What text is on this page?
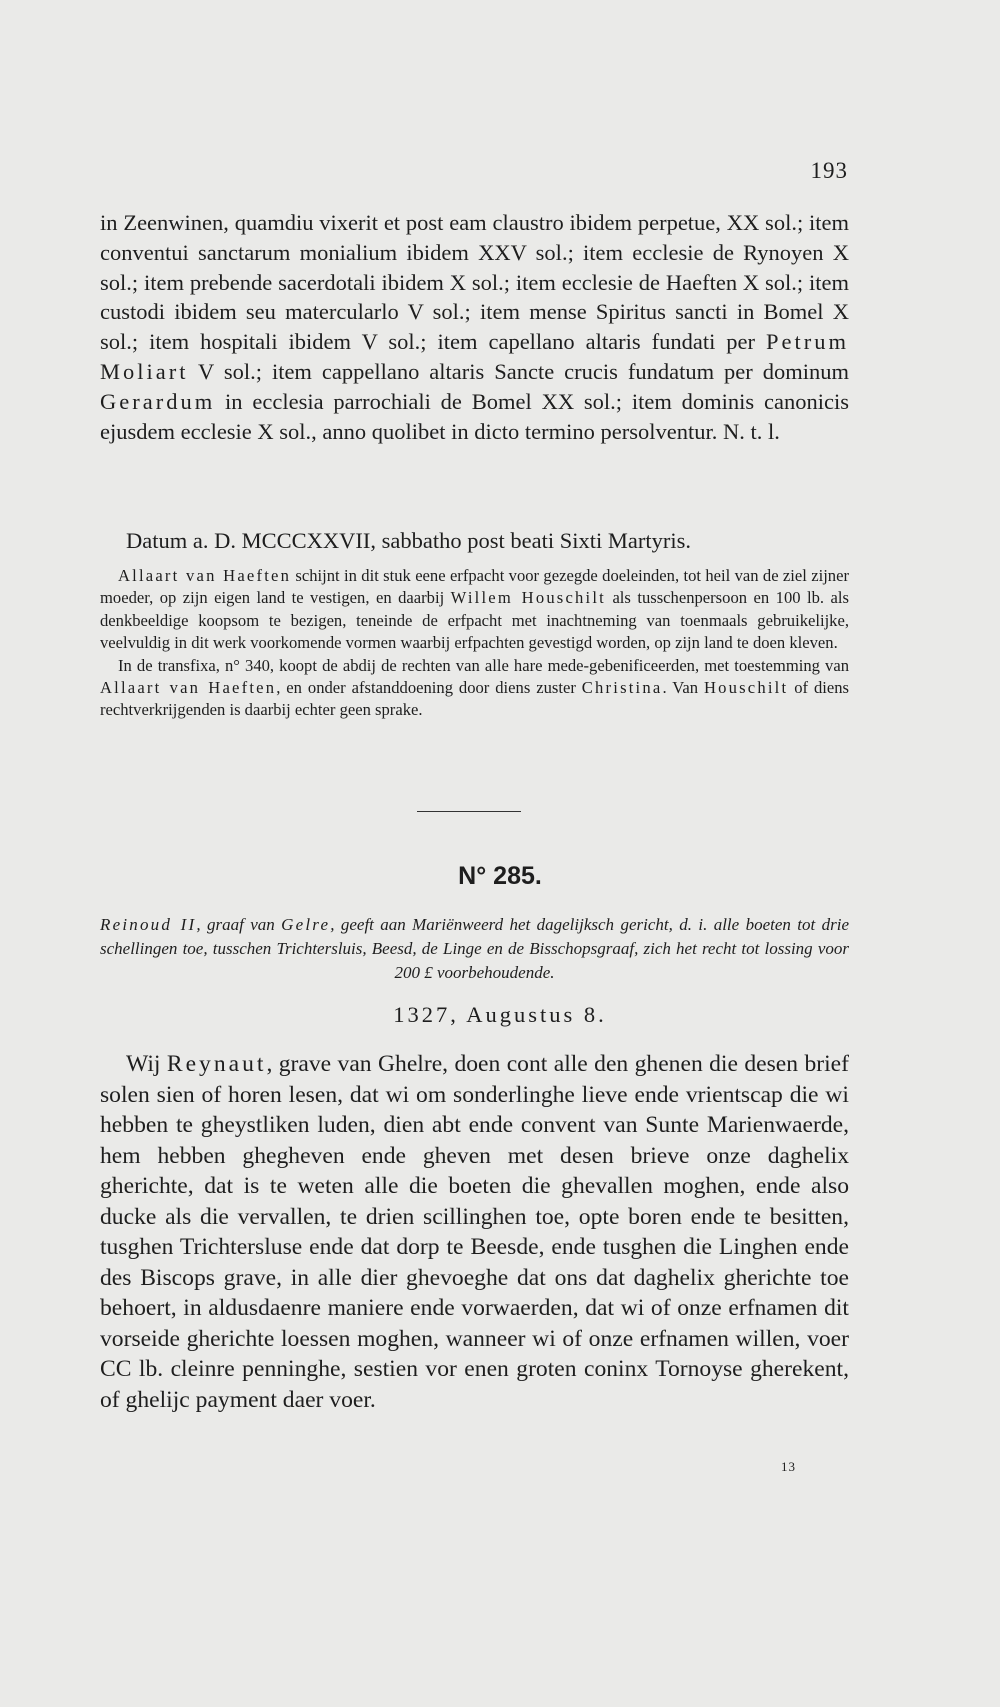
193

in Zeenwinen, quamdiu vixerit et post eam claustro ibidem perpetue, XX sol.; item conventui sanctarum monialium ibidem XXV sol.; item ecclesie de Rynoyen X sol.; item prebende sacerdotali ibidem X sol.; item ecclesie de Haeften X sol.; item custodi ibidem seu matercularlo V sol.; item mense Spiritus sancti in Bomel X sol.; item hospitali ibidem V sol.; item capellano altaris fundati per Petrum Moliart V sol.; item cappellano altaris Sancte crucis fundatum per dominum Gerardum in ecclesia parrochiali de Bomel XX sol.; item dominis canonicis ejusdem ecclesie X sol., anno quolibet in dicto termino persolventur. N. t. l.

Datum a. D. MCCCXXVII, sabbatho post beati Sixti Martyris.

Allaart van Haeften schijnt in dit stuk eene erfpacht voor gezegde doeleinden, tot heil van de ziel zijner moeder, op zijn eigen land te vestigen, en daarbij Willem Houschilt als tusschenpersoon en 100 lb. als denkbeeldige koopsom te bezigen, teneinde de erfpacht met inachtneming van toenmaals gebruikelijke, veelvuldig in dit werk voorkomende vormen waarbij erfpachten gevestigd worden, op zijn land te doen kleven.

In de transfixa, n° 340, koopt de abdij de rechten van alle hare mede-gebenificeerden, met toestemming van Allaart van Haeften, en onder afstanddoening door diens zuster Christina. Van Houschilt of diens rechtverkrijgenden is daarbij echter geen sprake.

N° 285.
Reinoud II, graaf van Gelre, geeft aan Mariënweerd het dagelijksch gericht, d. i. alle boeten tot drie schellingen toe, tusschen Trichtersluis, Beesd, de Linge en de Bisschopsgraaf, zich het recht tot lossing voor 200 £ voorbehoudende.
1327, Augustus 8.

Wij Reynaut, grave van Ghelre, doen cont alle den ghenen die desen brief solen sien of horen lesen, dat wi om sonderlinghe lieve ende vrientscap die wi hebben te gheystliken luden, dien abt ende convent van Sunte Marienwaerde, hem hebben ghegheven ende gheven met desen brieve onze daghelix gherichte, dat is te weten alle die boeten die ghevallen moghen, ende also ducke als die vervallen, te drien scillinghen toe, opte boren ende te besitten, tusghen Trichtersluse ende dat dorp te Beesde, ende tusghen die Linghen ende des Biscops grave, in alle dier ghevoeghe dat ons dat daghelix gherichte toe behoert, in aldusdaenre maniere ende vorwaerden, dat wi of onze erfnamen dit vorseide gherichte loessen moghen, wanneer wi of onze erfnamen willen, voer CC lb. cleinre penninghe, sestien vor enen groten coninx Tornoyse gherekent, of ghelijc payment daer voer.

13
